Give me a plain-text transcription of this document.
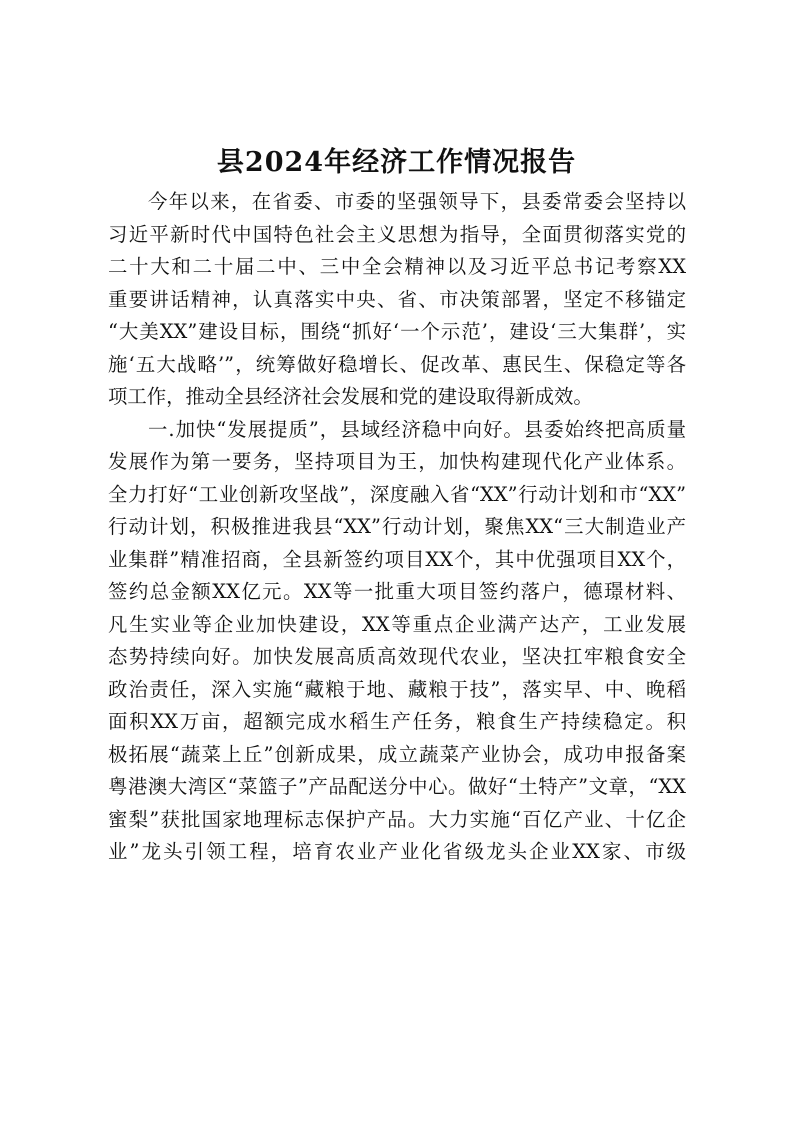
县2024年经济工作情况报告
今年以来，在省委、市委的坚强领导下，县委常委会坚持以
习近平新时代中国特色社会主义思想为指导，全面贯彻落实党的
二十大和二十届二中、三中全会精神以及习近平总书记考察XX
重要讲话精神，认真落实中央、省、市决策部署，坚定不移锚定
“大美XX”建设目标，围绕“抓好‘一个示范’，建设‘三大集群’，实
施‘五大战略’”，统筹做好稳增长、促改革、惠民生、保稳定等各
项工作，推动全县经济社会发展和党的建设取得新成效。
一.加快“发展提质”，县域经济稳中向好。县委始终把高质量
发展作为第一要务，坚持项目为王，加快构建现代化产业体系。
全力打好“工业创新攻坚战”，深度融入省“XX”行动计划和市“XX”
行动计划，积极推进我县“XX”行动计划，聚焦XX“三大制造业产
业集群”精准招商，全县新签约项目XX个，其中优强项目XX个，
签约总金额XX亿元。XX等一批重大项目签约落户，德璟材料、
凡生实业等企业加快建设，XX等重点企业满产达产，工业发展
态势持续向好。加快发展高质高效现代农业，坚决扛牢粮食安全
政治责任，深入实施“藏粮于地、藏粮于技”，落实早、中、晚稻
面积XX万亩，超额完成水稻生产任务，粮食生产持续稳定。积
极拓展“蔬菜上丘”创新成果，成立蔬菜产业协会，成功申报备案
粤港澳大湾区“菜篮子”产品配送分中心。做好“土特产”文章，“XX
蜜梨”获批国家地理标志保护产品。大力实施“百亿产业、十亿企
业”龙头引领工程，培育农业产业化省级龙头企业XX家、市级
